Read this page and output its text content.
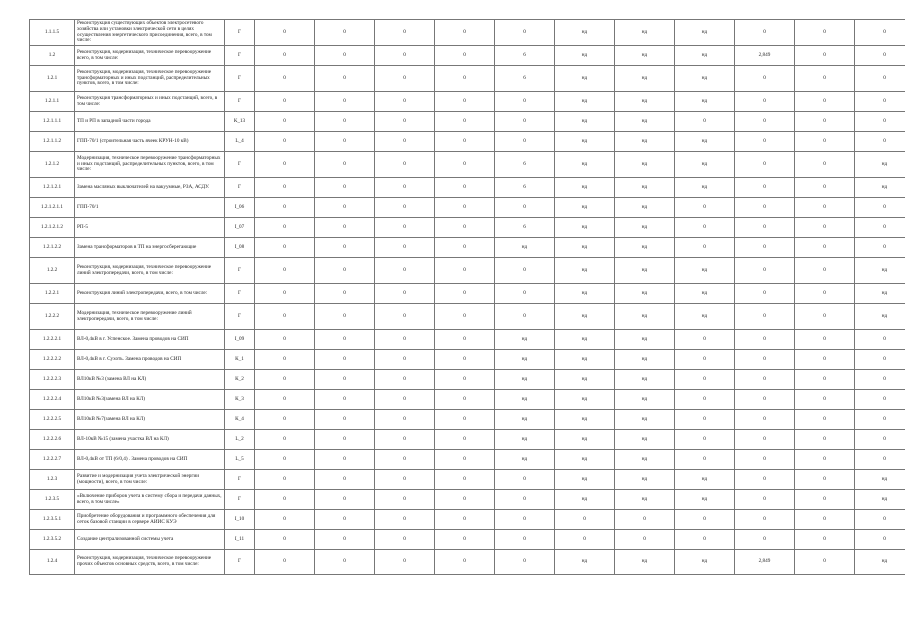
1.1.1.5	Реконструкция существующих объектов электросетевого хозяйства или установки электрической сети в целях осуществления энергетического присоединения, всего, в том числе:	Г	0	0	0	0	0	нд	нд	нд	0	0	0
1.2	Реконструкция, модернизация, техническое перевооружение всего, в том числе:	Г	0	0	0	0	6	нд	нд	нд	2,849	0	0
1.2.1	Реконструкция, модернизация, техническое перевооружение трансформаторных и иных подстанций, распределительных пунктов, всего, в том числе:	Г	0	0	0	0	6	нд	нд	нд	0	0	0
1.2.1.1	Реконструкция трансформаторных и иных подстанций, всего, в том числе:	Г	0	0	0	0	0	нд	нд	нд	0	0	0
1.2.1.1.1	ТП и РП в западной части города	К_13	0	0	0	0	0	нд	нд	0	0	0	0
1.2.1.1.2	ГПП-70/1 (строительная часть ячеек КРУН-10 кВ)	L_4	0	0	0	0	0	нд	нд	нд	0	0	0
1.2.1.2	Модернизация, техническое перевооружение трансформаторных и иных подстанций, распределительных пунктов, всего, в том числе:	Г	0	0	0	0	6	нд	нд	нд	0	0	нд
1.2.1.2.1	Замена масляных выключателей на вакуумные, РЗА, АСДУ.	Г	0	0	0	0	6	нд	нд	нд	0	0	нд
1.2.1.2.1.1	ГПП-70/1	I_06	0	0	0	0	0	нд	нд	0	0	0	0
1.2.1.2.1.2	РП-5	I_07	0	0	0	0	6	нд	нд	0	0	0	0
1.2.1.2.2	Замена трансформаторов в ТП на энергосберегающие	I_08	0	0	0	0	нд	нд	нд	0	0	0	0
1.2.2	Реконструкция, модернизация, техническое перевооружение линий электропередачи, всего, в том числе:	Г	0	0	0	0	0	нд	нд	нд	0	0	нд
1.2.2.1	Реконструкция линий электропередачи, всего, в том числе:	Г	0	0	0	0	0	нд	нд	нд	0	0	нд
1.2.2.2	Модернизация, техническое перевооружение линий электропередачи, всего, в том числе:	Г	0	0	0	0	0	нд	нд	нд	0	0	нд
1.2.2.2.1	ВЛ-0,4кВ в г. Успенское. Замена проводов на СИП	I_09	0	0	0	0	нд	нд	нд	0	0	0	0
1.2.2.2.2	ВЛ-0,4кВ в г. Сухоть. Замена проводов на СИП	К_1	0	0	0	0	нд	нд	нд	0	0	0	0
1.2.2.2.3	ВЛ10кВ №3 (замена ВЛ на КЛ)	К_2	0	0	0	0	нд	нд	нд	0	0	0	0
1.2.2.2.4	ВЛ10кВ №3(замена ВЛ на КЛ)	К_3	0	0	0	0	нд	нд	нд	0	0	0	0
1.2.2.2.5	ВЛ10кВ №7(замена ВЛ на КЛ)	К_4	0	0	0	0	нд	нд	нд	0	0	0	0
1.2.2.2.6	ВЛ-10кВ №15 (замена участка ВЛ на КЛ)	L_2	0	0	0	0	нд	нд	нд	0	0	0	0
1.2.2.2.7	ВЛ-0,4кВ от ТП (6/0,4) . Замена проводов на СИП	L_5	0	0	0	0	нд	нд	нд	0	0	0	0
1.2.3	Развитие и модернизация учета электрической энергии (мощности), всего, в том числе:	Г	0	0	0	0	0	нд	нд	нд	0	0	нд
1.2.3.5	«Включение приборов учета в систему сбора и передачи данных, всего, в том числе»	Г	0	0	0	0	0	нд	нд	нд	0	0	нд
1.2.3.5.1	Приобретение оборудования и программного обеспечения для сеток базовой станции в сервере АИИС КУЭ	I_10	0	0	0	0	0	0	0	0	0	0	0
1.2.3.5.2	Создание централизованной системы учета	I_11	0	0	0	0	0	0	0	0	0	0	0
1.2.4	Реконструкция, модернизация, техническое перевооружение прочих объектов основных средств, всего, в том числе:	Г	0	0	0	0	0	нд	нд	нд	2,849	0	нд
